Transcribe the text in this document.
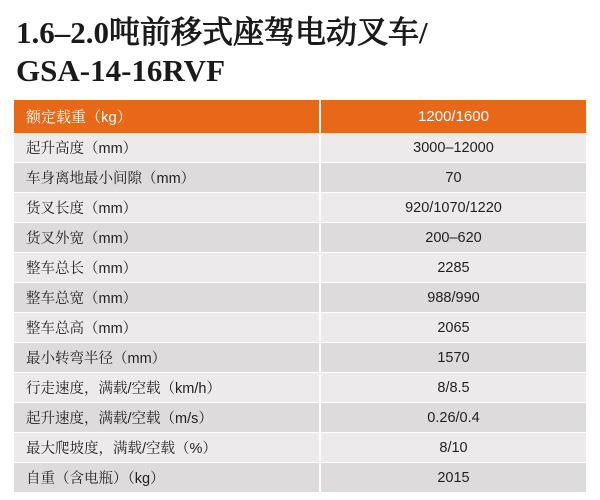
1.6–2.0吨前移式座驾电动叉车/
GSA-14-16RVF
额定载重（kg）	1200/1600
起升高度（mm）	3000–12000
车身离地最小间隙（mm）	70
货叉长度（mm）	920/1070/1220
货叉外宽（mm）	200–620
整车总长（mm）	2285
整车总宽（mm）	988/990
整车总高（mm）	2065
最小转弯半径（mm）	1570
行走速度，满载/空载（km/h）	8/8.5
起升速度，满载/空载（m/s）	0.26/0.4
最大爬坡度，满载/空载（%）	8/10
自重（含电瓶）（kg）	2015
